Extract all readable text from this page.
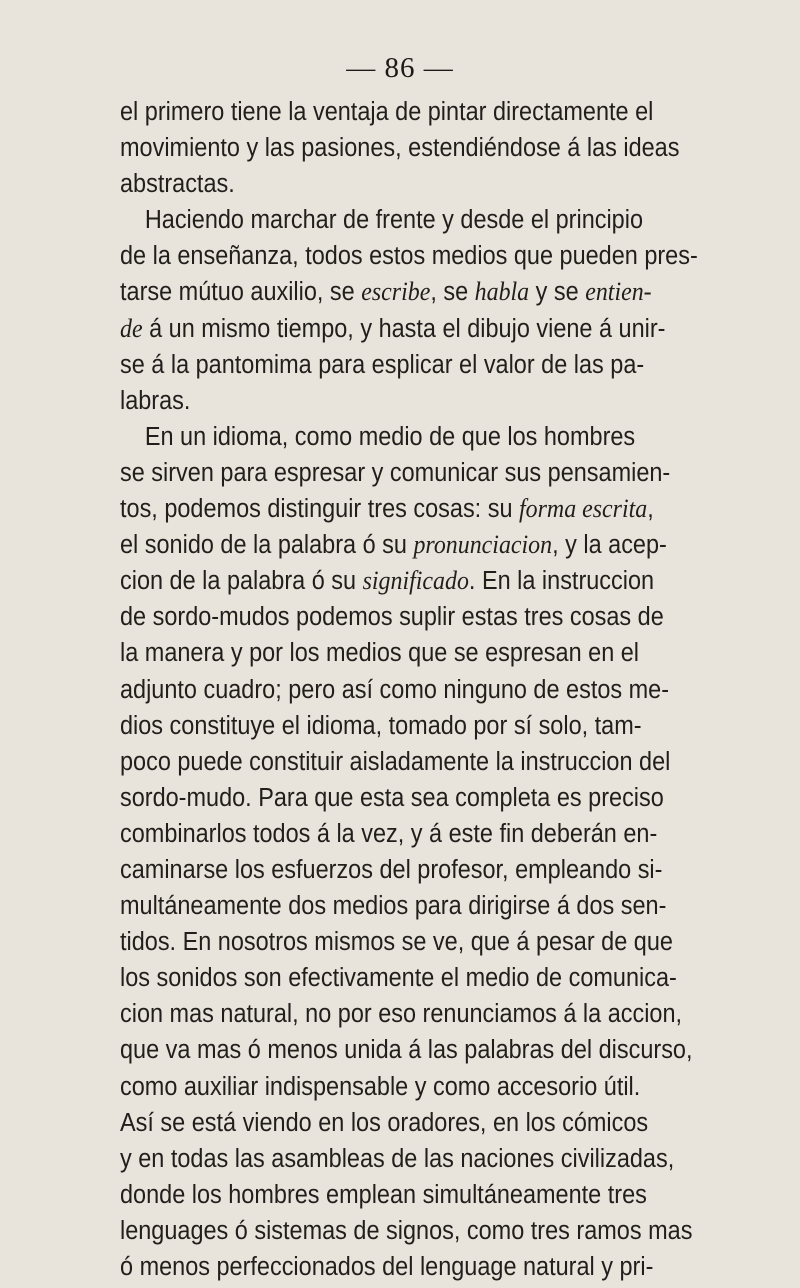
— 86 —
el primero tiene la ventaja de pintar directamente el
movimiento y las pasiones, estendiéndose á las ideas
abstractas.
Haciendo marchar de frente y desde el principio
de la enseñanza, todos estos medios que pueden pres-
tarse mútuo auxilio, se escribe, se habla y se entien-
de á un mismo tiempo, y hasta el dibujo viene á unir-
se á la pantomima para esplicar el valor de las pa-
labras.
En un idioma, como medio de que los hombres
se sirven para espresar y comunicar sus pensamien-
tos, podemos distinguir tres cosas: su forma escrita,
el sonido de la palabra ó su pronunciacion, y la acep-
cion de la palabra ó su significado. En la instruccion
de sordo-mudos podemos suplir estas tres cosas de
la manera y por los medios que se espresan en el
adjunto cuadro; pero así como ninguno de estos me-
dios constituye el idioma, tomado por sí solo, tam-
poco puede constituir aisladamente la instruccion del
sordo-mudo. Para que esta sea completa es preciso
combinarlos todos á la vez, y á este fin deberán en-
caminarse los esfuerzos del profesor, empleando si-
multáneamente dos medios para dirigirse á dos sen-
tidos. En nosotros mismos se ve, que á pesar de que
los sonidos son efectivamente el medio de comunica-
cion mas natural, no por eso renunciamos á la accion,
que va mas ó menos unida á las palabras del discurso,
como auxiliar indispensable y como accesorio útil.
Así se está viendo en los oradores, en los cómicos
y en todas las asambleas de las naciones civilizadas,
donde los hombres emplean simultáneamente tres
lenguages ó sistemas de signos, como tres ramos mas
ó menos perfeccionados del lenguage natural y pri-
